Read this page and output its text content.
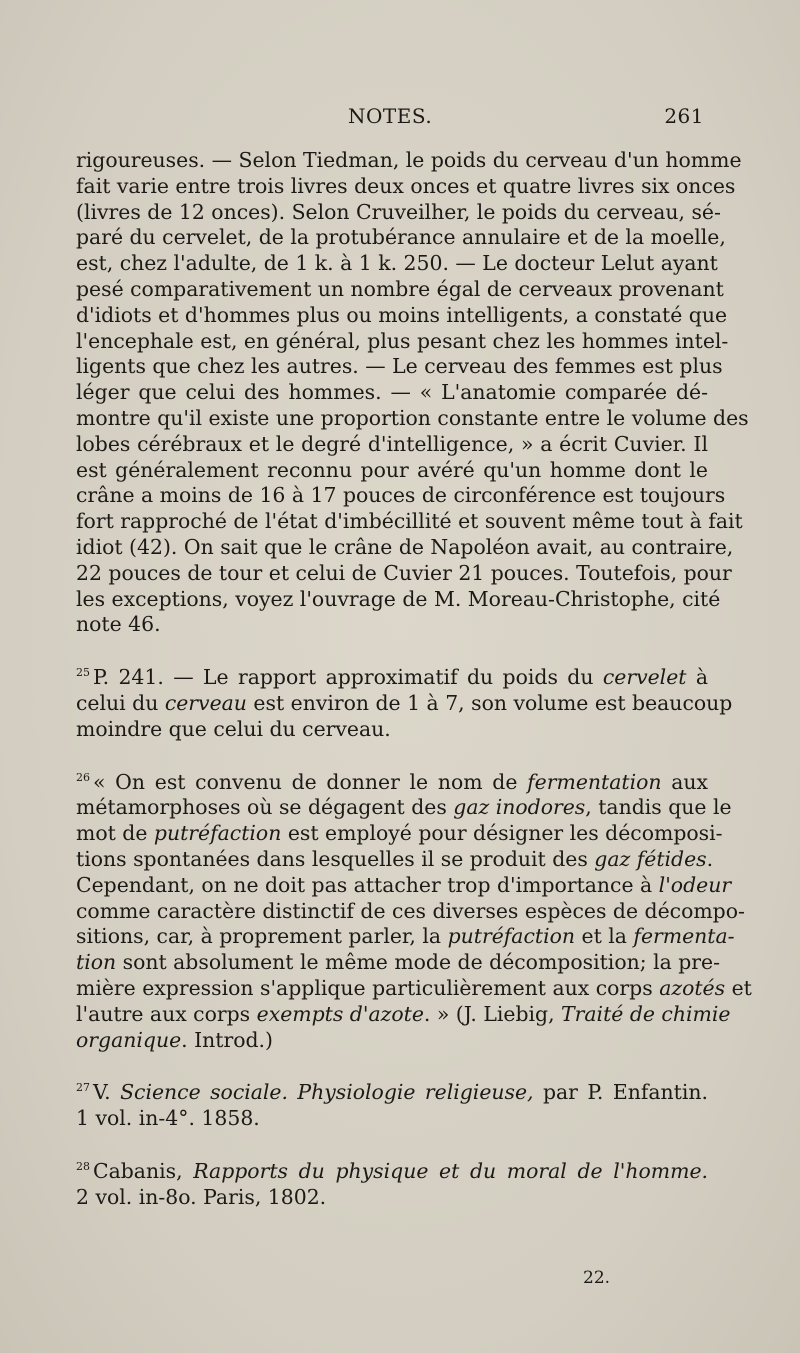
NOTES.	261
rigoureuses. — Selon Tiedman, le poids du cerveau d'un homme
fait varie entre trois livres deux onces et quatre livres six onces
(livres de 12 onces). Selon Cruveilher, le poids du cerveau, sé-
paré du cervelet, de la protubérance annulaire et de la moelle,
est, chez l'adulte, de 1 k. à 1 k. 250. — Le docteur Lelut ayant
pesé comparativement un nombre égal de cerveaux provenant
d'idiots et d'hommes plus ou moins intelligents, a constaté que
l'encephale est, en général, plus pesant chez les hommes intel-
ligents que chez les autres. — Le cerveau des femmes est plus
léger que celui des hommes. — « L'anatomie comparée dé-
montre qu'il existe une proportion constante entre le volume des
lobes cérébraux et le degré d'intelligence, » a écrit Cuvier. Il
est généralement reconnu pour avéré qu'un homme dont le
crâne a moins de 16 à 17 pouces de circonférence est toujours
fort rapproché de l'état d'imbécillité et souvent même tout à fait
idiot (42). On sait que le crâne de Napoléon avait, au contraire,
22 pouces de tour et celui de Cuvier 21 pouces. Toutefois, pour
les exceptions, voyez l'ouvrage de M. Moreau-Christophe, cité
note 46.
$^{25}$ P. 241. — Le rapport approximatif du poids du cervelet à
celui du cerveau est environ de 1 à 7, son volume est beaucoup
moindre que celui du cerveau.
$^{26}$ « On est convenu de donner le nom de fermentation aux
métamorphoses où se dégagent des gaz inodores, tandis que le
mot de putréfaction est employé pour désigner les décomposi-
tions spontanées dans lesquelles il se produit des gaz fétides.
Cependant, on ne doit pas attacher trop d'importance à l'odeur
comme caractère distinctif de ces diverses espèces de décompo-
sitions, car, à proprement parler, la putréfaction et la fermenta-
tion sont absolument le même mode de décomposition; la pre-
mière expression s'applique particulièrement aux corps azotés et
l'autre aux corps exempts d'azote. » (J. Liebig, Traité de chimie
organique. Introd.)
$^{27}$ V. Science sociale. Physiologie religieuse, par P. Enfantin.
1 vol. in-4°. 1858.
$^{28}$ Cabanis, Rapports du physique et du moral de l'homme.
2 vol. in-8o. Paris, 1802.
22.
